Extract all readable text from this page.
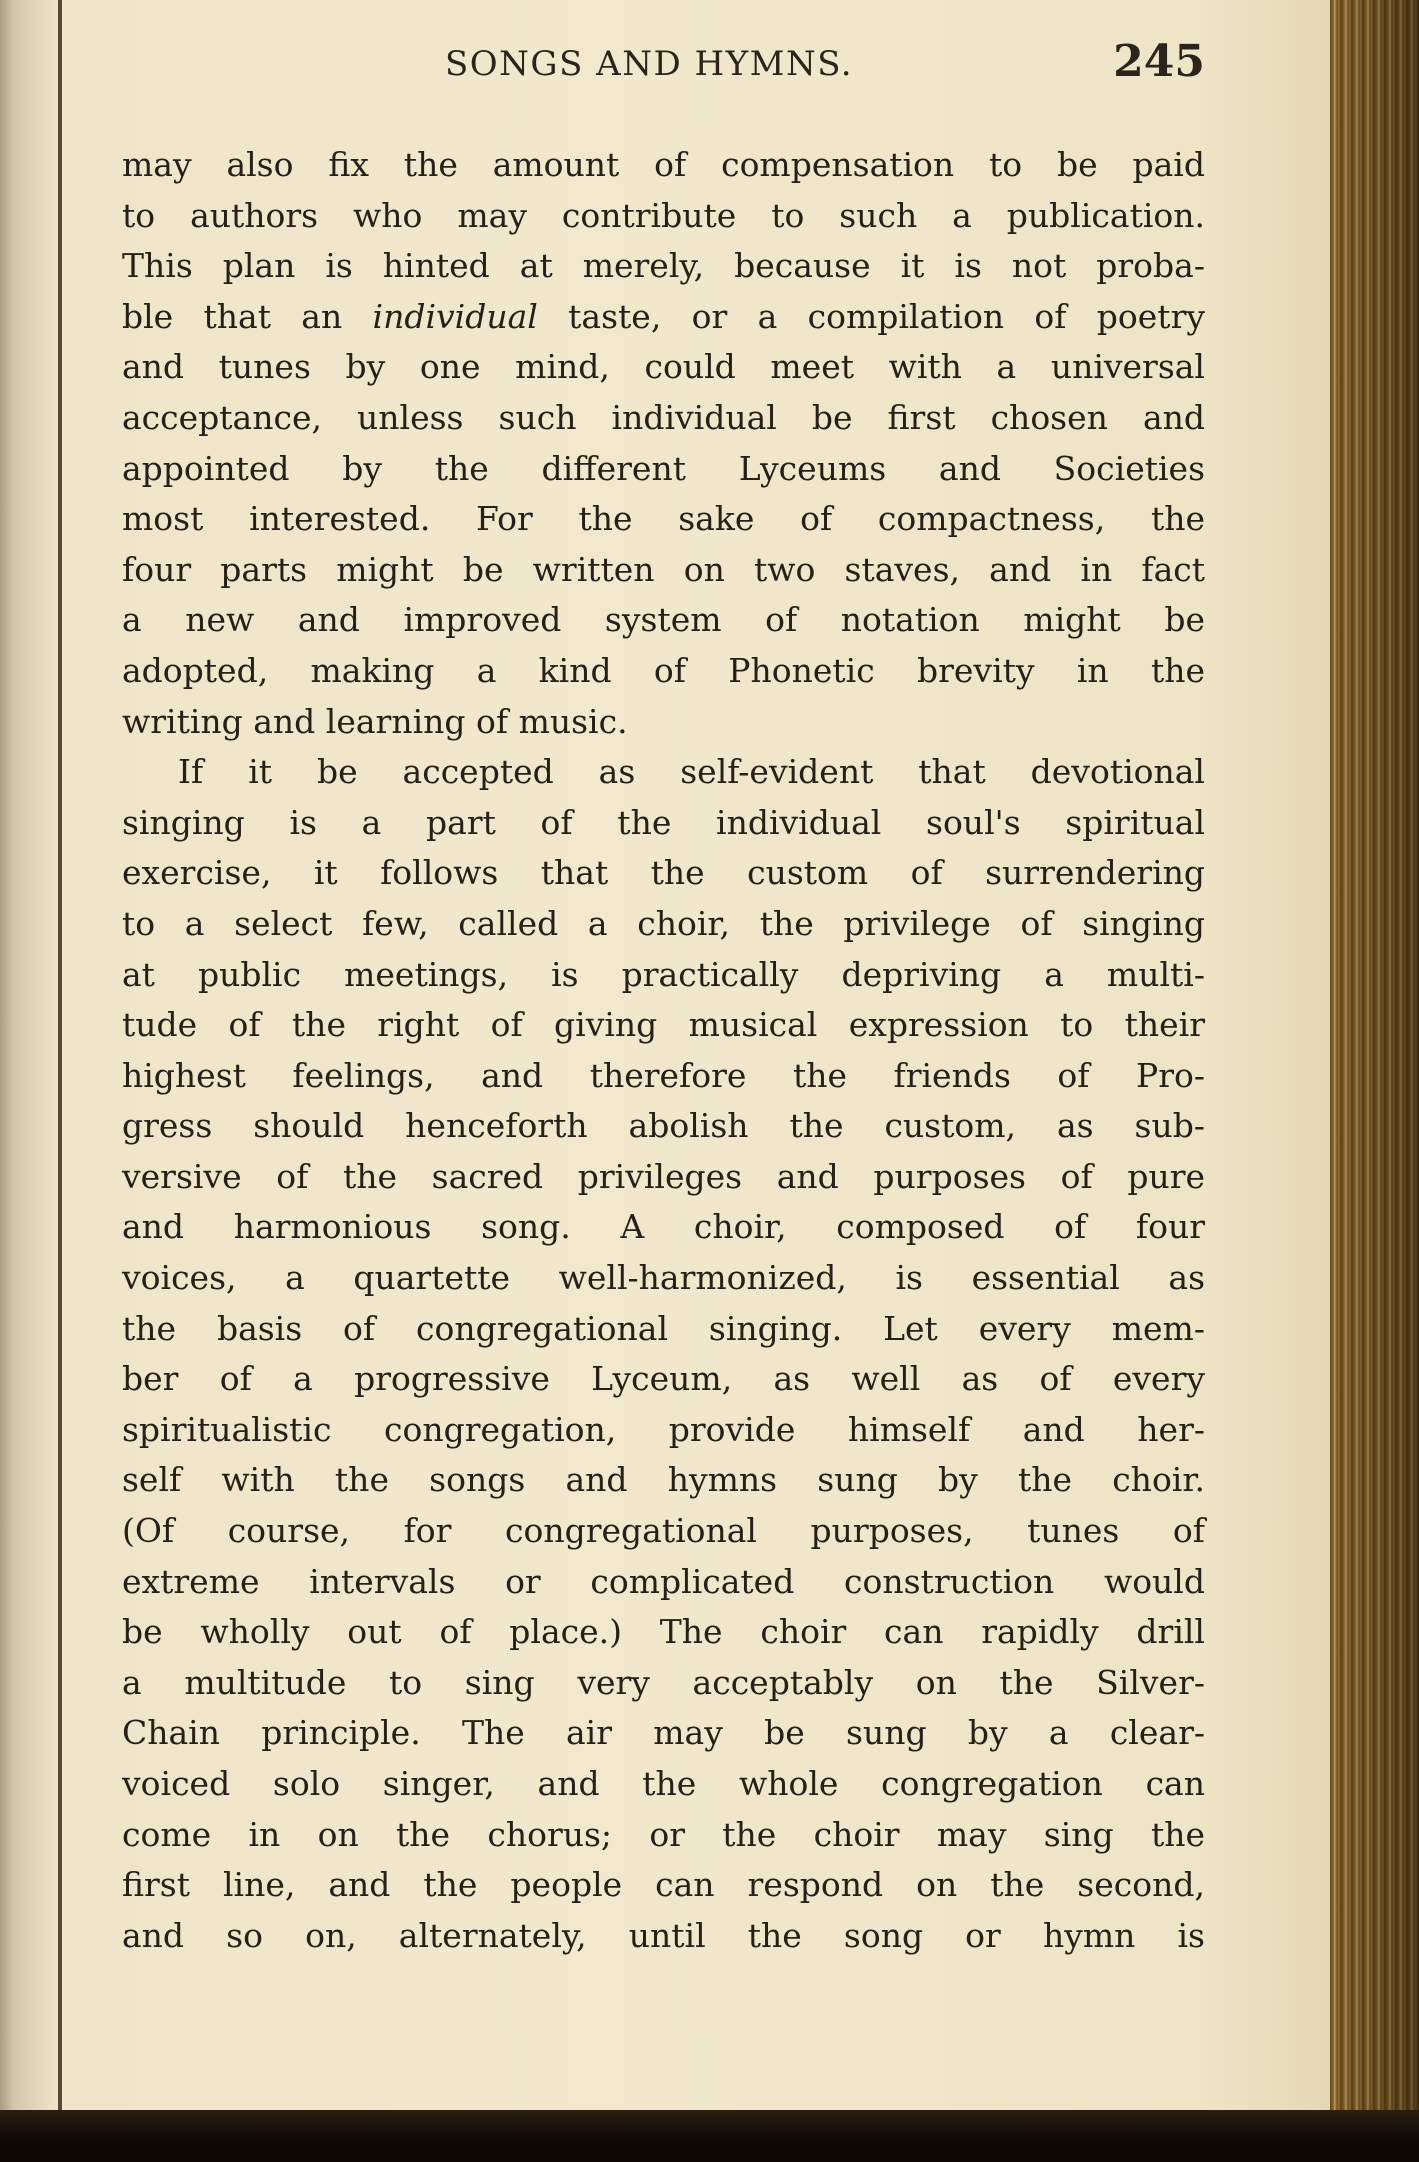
SONGS AND HYMNS.	245
may also fix the amount of compensation to be paid
to authors who may contribute to such a publication.
This plan is hinted at merely, because it is not proba-
ble that an individual taste, or a compilation of poetry
and tunes by one mind, could meet with a universal
acceptance, unless such individual be first chosen and
appointed by the different Lyceums and Societies
most interested. For the sake of compactness, the
four parts might be written on two staves, and in fact
a new and improved system of notation might be
adopted, making a kind of Phonetic brevity in the
writing and learning of music.
If it be accepted as self-evident that devotional
singing is a part of the individual soul's spiritual
exercise, it follows that the custom of surrendering
to a select few, called a choir, the privilege of singing
at public meetings, is practically depriving a multi-
tude of the right of giving musical expression to their
highest feelings, and therefore the friends of Pro-
gress should henceforth abolish the custom, as sub-
versive of the sacred privileges and purposes of pure
and harmonious song. A choir, composed of four
voices, a quartette well-harmonized, is essential as
the basis of congregational singing. Let every mem-
ber of a progressive Lyceum, as well as of every
spiritualistic congregation, provide himself and her-
self with the songs and hymns sung by the choir.
(Of course, for congregational purposes, tunes of
extreme intervals or complicated construction would
be wholly out of place.) The choir can rapidly drill
a multitude to sing very acceptably on the Silver-
Chain principle. The air may be sung by a clear-
voiced solo singer, and the whole congregation can
come in on the chorus; or the choir may sing the
first line, and the people can respond on the second,
and so on, alternately, until the song or hymn is
